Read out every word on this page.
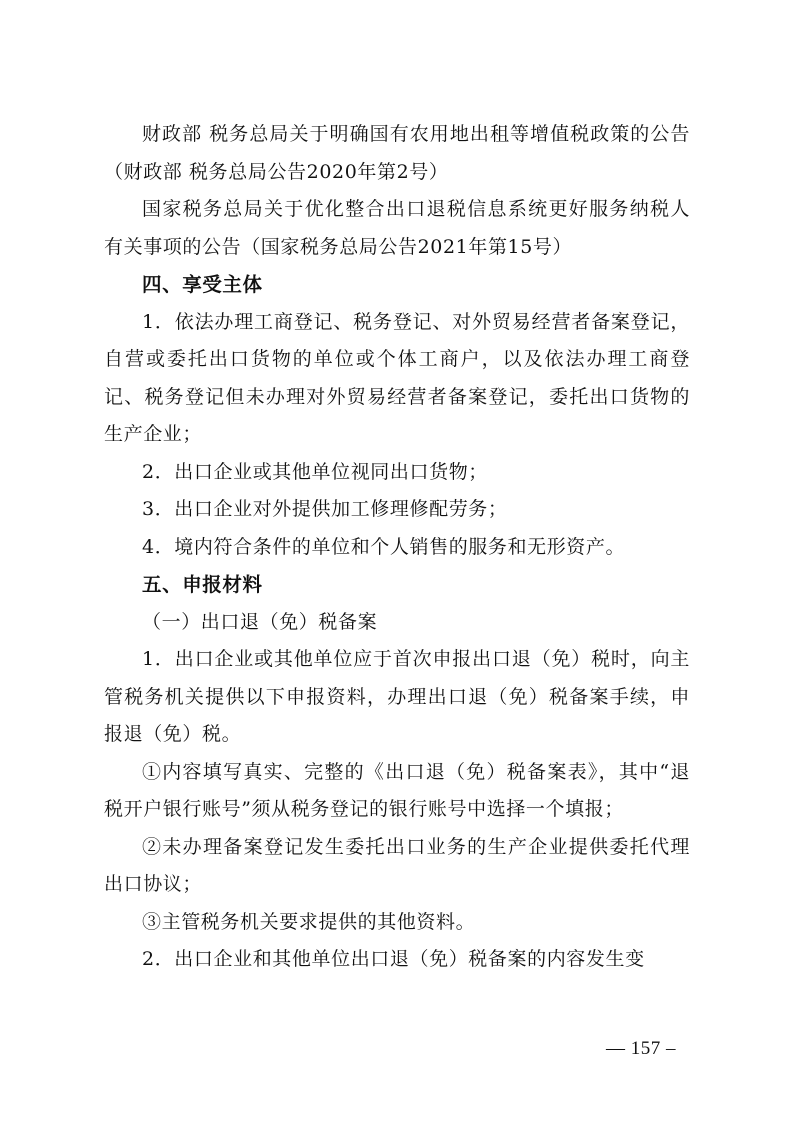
财政部 税务总局关于明确国有农用地出租等增值税政策的公告（财政部 税务总局公告2020年第2号）

国家税务总局关于优化整合出口退税信息系统更好服务纳税人有关事项的公告（国家税务总局公告2021年第15号）

四、享受主体

1．依法办理工商登记、税务登记、对外贸易经营者备案登记，自营或委托出口货物的单位或个体工商户，以及依法办理工商登记、税务登记但未办理对外贸易经营者备案登记，委托出口货物的生产企业；

2．出口企业或其他单位视同出口货物；

3．出口企业对外提供加工修理修配劳务；

4．境内符合条件的单位和个人销售的服务和无形资产。

五、申报材料

（一）出口退（免）税备案

1．出口企业或其他单位应于首次申报出口退（免）税时，向主管税务机关提供以下申报资料，办理出口退（免）税备案手续，申报退（免）税。

①内容填写真实、完整的《出口退（免）税备案表》，其中“退税开户银行账号”须从税务登记的银行账号中选择一个填报；

②未办理备案登记发生委托出口业务的生产企业提供委托代理出口协议；

③主管税务机关要求提供的其他资料。

2．出口企业和其他单位出口退（免）税备案的内容发生变

— 157 –
